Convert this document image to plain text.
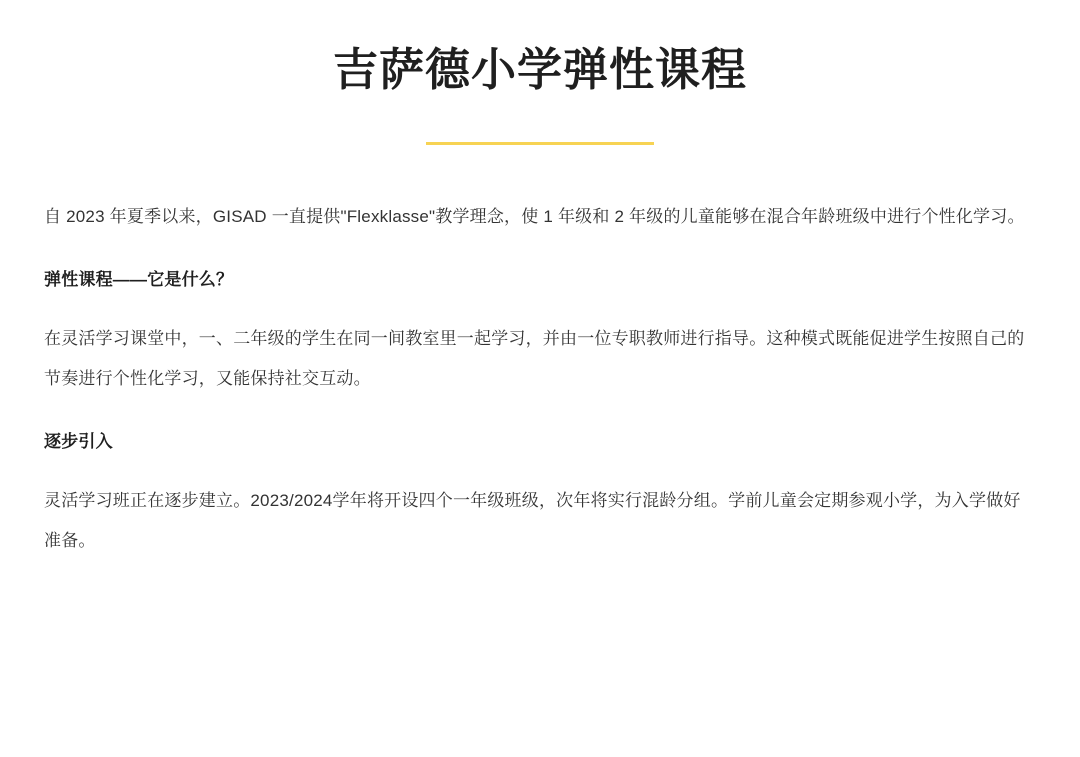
吉萨德小学弹性课程

自 2023 年夏季以来，GISAD 一直提供"Flexklasse"教学理念，使 1 年级和 2 年级的儿童能够在混合年龄班级中进行个性化学习。

弹性课程——它是什么？

在灵活学习课堂中，一、二年级的学生在同一间教室里一起学习，并由一位专职教师进行指导。这种模式既能促进学生按照自己的节奏进行个性化学习，又能保持社交互动。

逐步引入

灵活学习班正在逐步建立。2023/2024学年将开设四个一年级班级，次年将实行混龄分组。学前儿童会定期参观小学，为入学做好准备。
